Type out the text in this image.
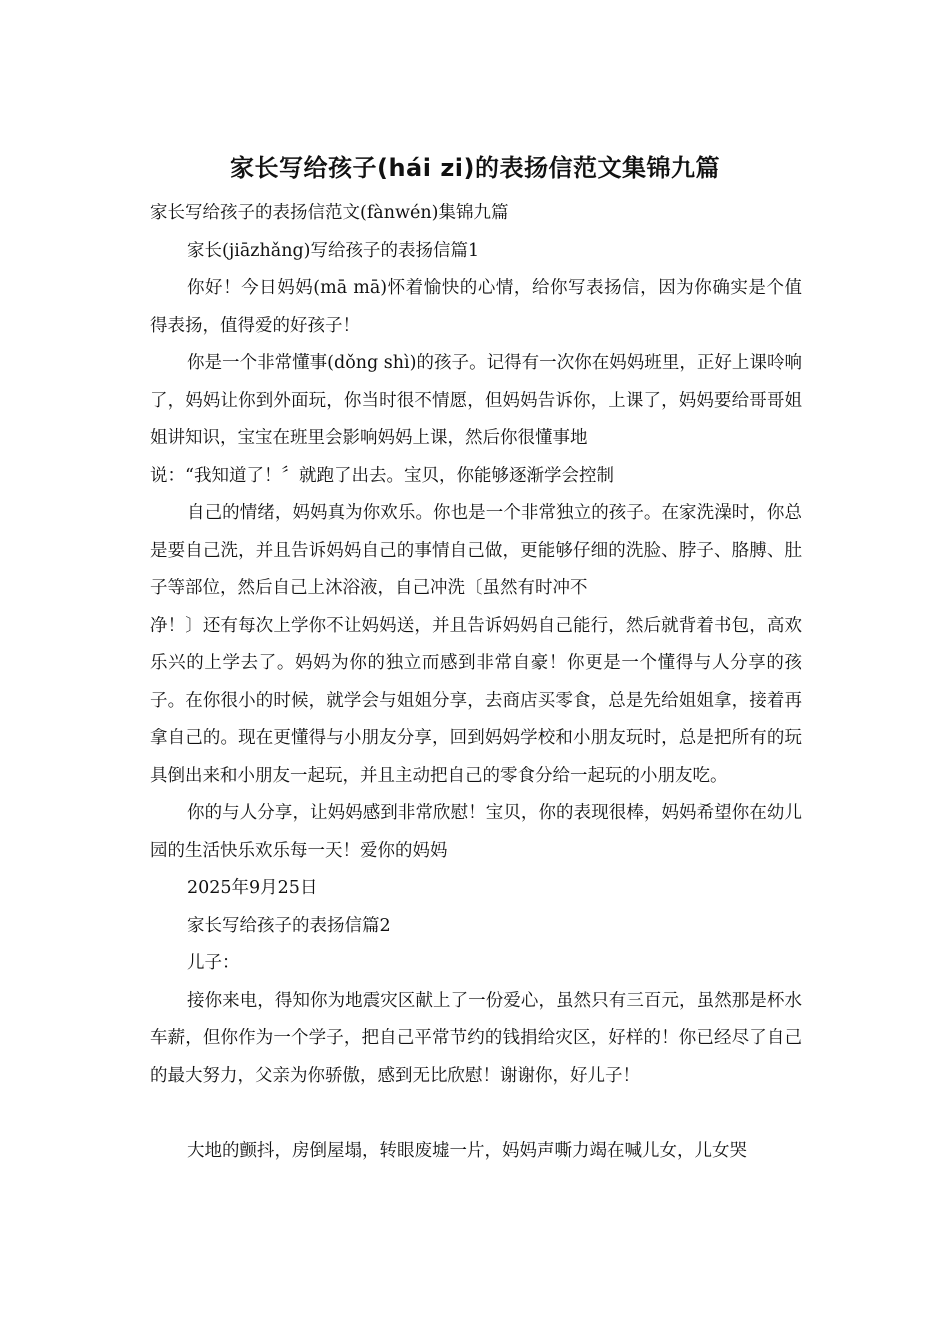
家长写给孩子(hái zi)的表扬信范文集锦九篇

家长写给孩子的表扬信范文(fànwén)集锦九篇

家长(jiāzhǎng)写给孩子的表扬信篇1

你好！今日妈妈(mā mā)怀着愉快的心情，给你写表扬信，因为你确实是个值得表扬，值得爱的好孩子！

你是一个非常懂事(dǒng shì)的孩子。记得有一次你在妈妈班里，正好上课呤响了，妈妈让你到外面玩，你当时很不情愿，但妈妈告诉你，上课了，妈妈要给哥哥姐姐讲知识，宝宝在班里会影响妈妈上课，然后你很懂事地

说：“我知道了！〞就跑了出去。宝贝，你能够逐渐学会控制

自己的情绪，妈妈真为你欢乐。你也是一个非常独立的孩子。在家洗澡时，你总是要自己洗，并且告诉妈妈自己的事情自己做，更能够仔细的洗脸、脖子、胳膊、肚子等部位，然后自己上沐浴液，自己冲洗〔虽然有时冲不

净！〕还有每次上学你不让妈妈送，并且告诉妈妈自己能行，然后就背着书包，高欢乐兴的上学去了。妈妈为你的独立而感到非常自豪！你更是一个懂得与人分享的孩子。在你很小的时候，就学会与姐姐分享，去商店买零食，总是先给姐姐拿，接着再拿自己的。现在更懂得与小朋友分享，回到妈妈学校和小朋友玩时，总是把所有的玩具倒出来和小朋友一起玩，并且主动把自己的零食分给一起玩的小朋友吃。

你的与人分享，让妈妈感到非常欣慰！宝贝，你的表现很棒，妈妈希望你在幼儿园的生活快乐欢乐每一天！爱你的妈妈

2025年9月25日

家长写给孩子的表扬信篇2

儿子：

接你来电，得知你为地震灾区献上了一份爱心，虽然只有三百元，虽然那是杯水车薪，但你作为一个学子，把自己平常节约的钱捐给灾区，好样的！你已经尽了自己的最大努力，父亲为你骄傲，感到无比欣慰！谢谢你，好儿子！

大地的颤抖，房倒屋塌，转眼废墟一片，妈妈声嘶力竭在喊儿女，儿女哭
